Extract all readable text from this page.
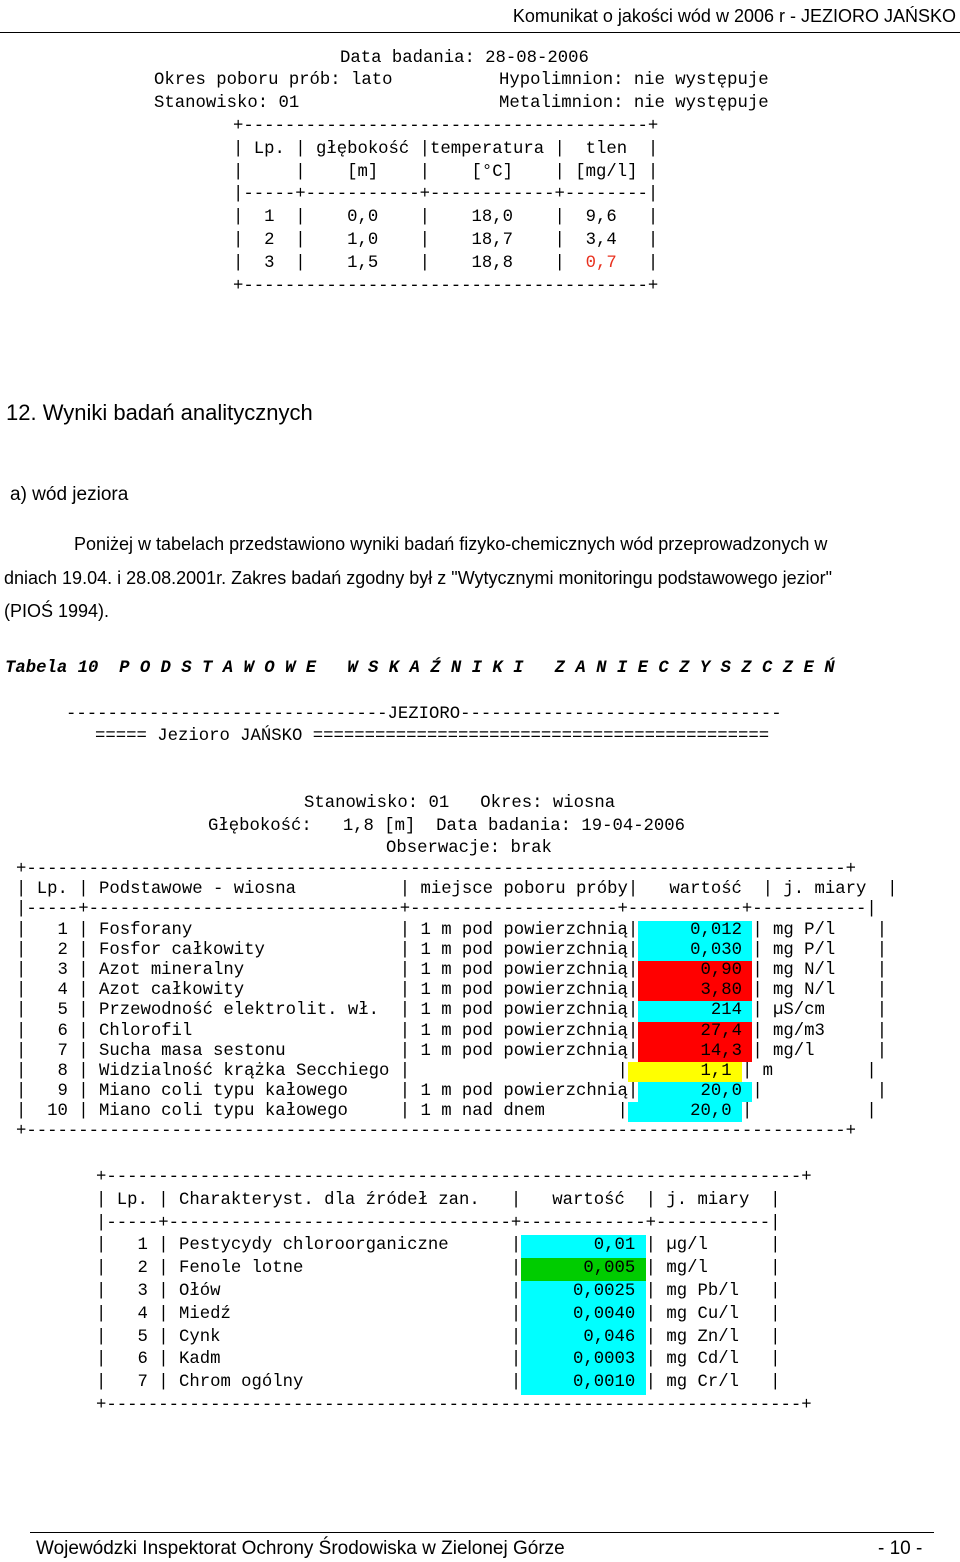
Komunikat o jakości wód w 2006 r - JEZIORO JAŃSKO
Data badania: 28-08-2006
Okres poboru prób: lato	Hypolimnion: nie występuje
Stanowisko: 01	Metalimnion: nie występuje
+---------------------------------------+
| Lp. | głębokość |temperatura |  tlen  |
|     |    [m]    |    [°C]    | [mg/l] |
|-----+-----------+------------+--------|
|  1  |    0,0    |    18,0    |  9,6   |
|  2  |    1,0    |    18,7    |  3,4   |
|  3  |    1,5    |    18,8    |  0,7   |
+---------------------------------------+
12. Wyniki badań analitycznych
a) wód jeziora
Poniżej w tabelach przedstawiono wyniki badań fizyko-chemicznych wód przeprowadzonych w
dniach 19.04. i 28.08.2001r. Zakres badań zgodny był z "Wytycznymi monitoringu podstawowego jezior"
(PIOŚ 1994).
Tabela 10  P O D S T A W O W E   W S K A Ź N I K I   Z A N I E C Z Y S Z C Z E Ń
-------------------------------JEZIORO-------------------------------
===== Jezioro JAŃSKO ============================================
Stanowisko: 01   Okres: wiosna
Głębokość:   1,8 [m]  Data badania: 19-04-2006
Obserwacje: brak
+-------------------------------------------------------------------------------+
| Lp. | Podstawowe - wiosna          | miejsce poboru próby|   wartość  | j. miary  |
|-----+------------------------------+--------------------+-----------+-----------|
|   1 | Fosforany                    | 1 m pod powierzchnią|     0,012 | mg P/l    |
|   2 | Fosfor całkowity             | 1 m pod powierzchnią|     0,030 | mg P/l    |
|   3 | Azot mineralny               | 1 m pod powierzchnią|      0,90 | mg N/l    |
|   4 | Azot całkowity               | 1 m pod powierzchnią|      3,80 | mg N/l    |
|   5 | Przewodność elektrolit. wł.  | 1 m pod powierzchnią|       214 | µS/cm     |
|   6 | Chlorofil                    | 1 m pod powierzchnią|      27,4 | mg/m3     |
|   7 | Sucha masa sestonu           | 1 m pod powierzchnią|      14,3 | mg/l      |
|   8 | Widzialność krążka Secchiego |                    |       1,1 | m         |
|   9 | Miano coli typu kałowego     | 1 m pod powierzchnią|      20,0 |           |
|  10 | Miano coli typu kałowego     | 1 m nad dnem       |      20,0 |           |
+-------------------------------------------------------------------------------+
+-------------------------------------------------------------------+
| Lp. | Charakteryst. dla źródeł zan.   |   wartość  | j. miary  |
|-----+---------------------------------+------------+-----------|
|   1 | Pestycydy chloroorganiczne      |       0,01 | µg/l      |
|   2 | Fenole lotne                    |      0,005 | mg/l      |
|   3 | Ołów                            |     0,0025 | mg Pb/l   |
|   4 | Miedź                           |     0,0040 | mg Cu/l   |
|   5 | Cynk                            |      0,046 | mg Zn/l   |
|   6 | Kadm                            |     0,0003 | mg Cd/l   |
|   7 | Chrom ogólny                    |     0,0010 | mg Cr/l   |
+-------------------------------------------------------------------+
Wojewódzki Inspektorat Ochrony Środowiska w Zielonej Górze	- 10 -
